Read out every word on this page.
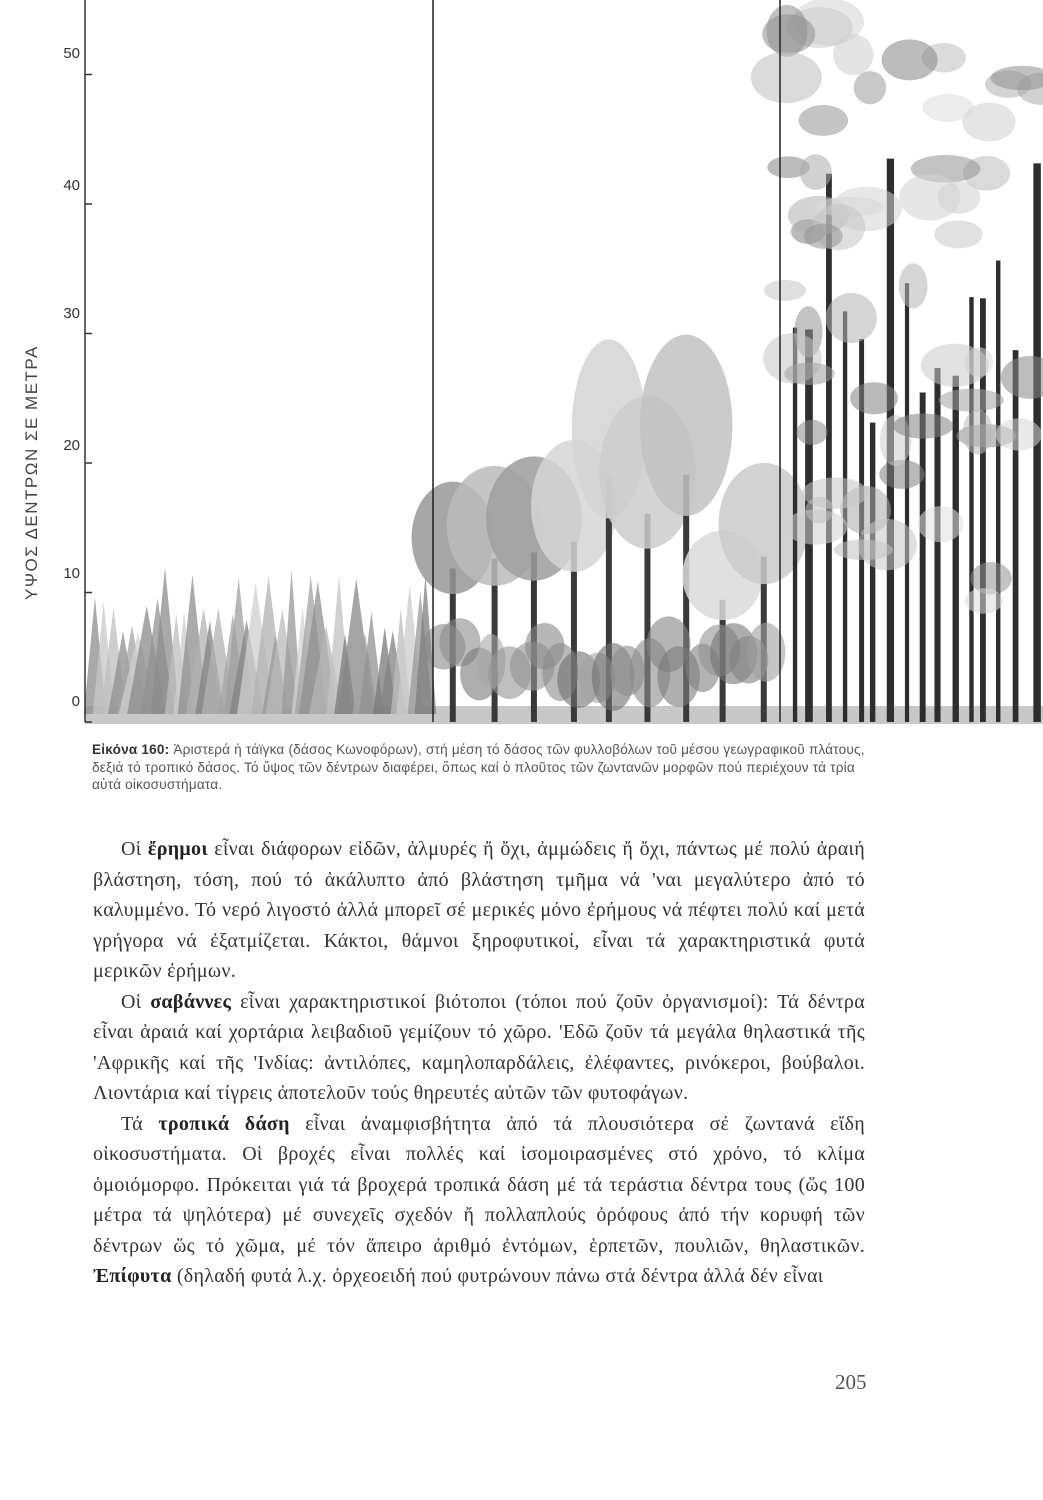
ΥΨΟΣ ΔΕΝΤΡΩΝ ΣΕ ΜΕΤΡΑ
50
40
30
20
10
0
Εἰκόνα 160: Ἀριστερά ἡ τάϊγκα (δάσος Κωνοφόρων), στή μέση τό δάσος τῶν φυλλοβόλων τοῦ μέσου γεωγραφικοῦ πλάτους, δεξιά τό τροπικό δάσος. Τό ὕψος τῶν δέντρων διαφέρει, ὅπως καί ὁ πλοῦτος τῶν ζωντανῶν μορφῶν πού περιέχουν τά τρία αὐτά οἰκοσυστήματα.

Οἱ ἔρημοι εἶναι διάφορων εἰδῶν, ἁλμυρές ἤ ὄχι, ἀμμώδεις ἤ ὄχι, πάντως μέ πολύ ἀραιή βλάστηση, τόση, πού τό ἀκάλυπτο ἀπό βλάστηση τμῆμα νά 'ναι μεγαλύτερο ἀπό τό καλυμμένο. Τό νερό λιγοστό ἀλλά μπορεῖ σέ μερικές μόνο ἐρήμους νά πέφτει πολύ καί μετά γρήγορα νά ἐξατμίζεται. Κάκτοι, θάμνοι ξηροφυτικοί, εἶναι τά χαρακτηριστικά φυτά μερικῶν ἐρήμων.

Οἱ σαβάννες εἶναι χαρακτηριστικοί βιότοποι (τόποι πού ζοῦν ὀργανισμοί): Τά δέντρα εἶναι ἀραιά καί χορτάρια λειβαδιοῦ γεμίζουν τό χῶρο. 'Εδῶ ζοῦν τά μεγάλα θηλαστικά τῆς 'Αφρικῆς καί τῆς 'Ινδίας: ἀντιλόπες, καμηλοπαρδάλεις, ἐλέφαντες, ρινόκεροι, βούβαλοι. Λιοντάρια καί τίγρεις ἀποτελοῦν τούς θηρευτές αὐτῶν τῶν φυτοφάγων.

Τά τροπικά δάση εἶναι ἀναμφισβήτητα ἀπό τά πλουσιότερα σέ ζωντανά εἴδη οἰκοσυστήματα. Οἱ βροχές εἶναι πολλές καί ἰσομοιρασμένες στό χρόνο, τό κλίμα ὁμοιόμορφο. Πρόκειται γιά τά βροχερά τροπικά δάση μέ τά τεράστια δέντρα τους (ὥς 100 μέτρα τά ψηλότερα) μέ συνεχεῖς σχεδόν ἤ πολλαπλούς ὀρόφους ἀπό τήν κορυφή τῶν δέντρων ὥς τό χῶμα, μέ τόν ἄπειρο ἀριθμό ἐντόμων, ἑρπετῶν, πουλιῶν, θηλαστικῶν. Ἐπίφυτα (δηλαδή φυτά λ.χ. ὀρχεοειδή πού φυτρώνουν πάνω στά δέντρα ἀλλά δέν εἶναι

205
